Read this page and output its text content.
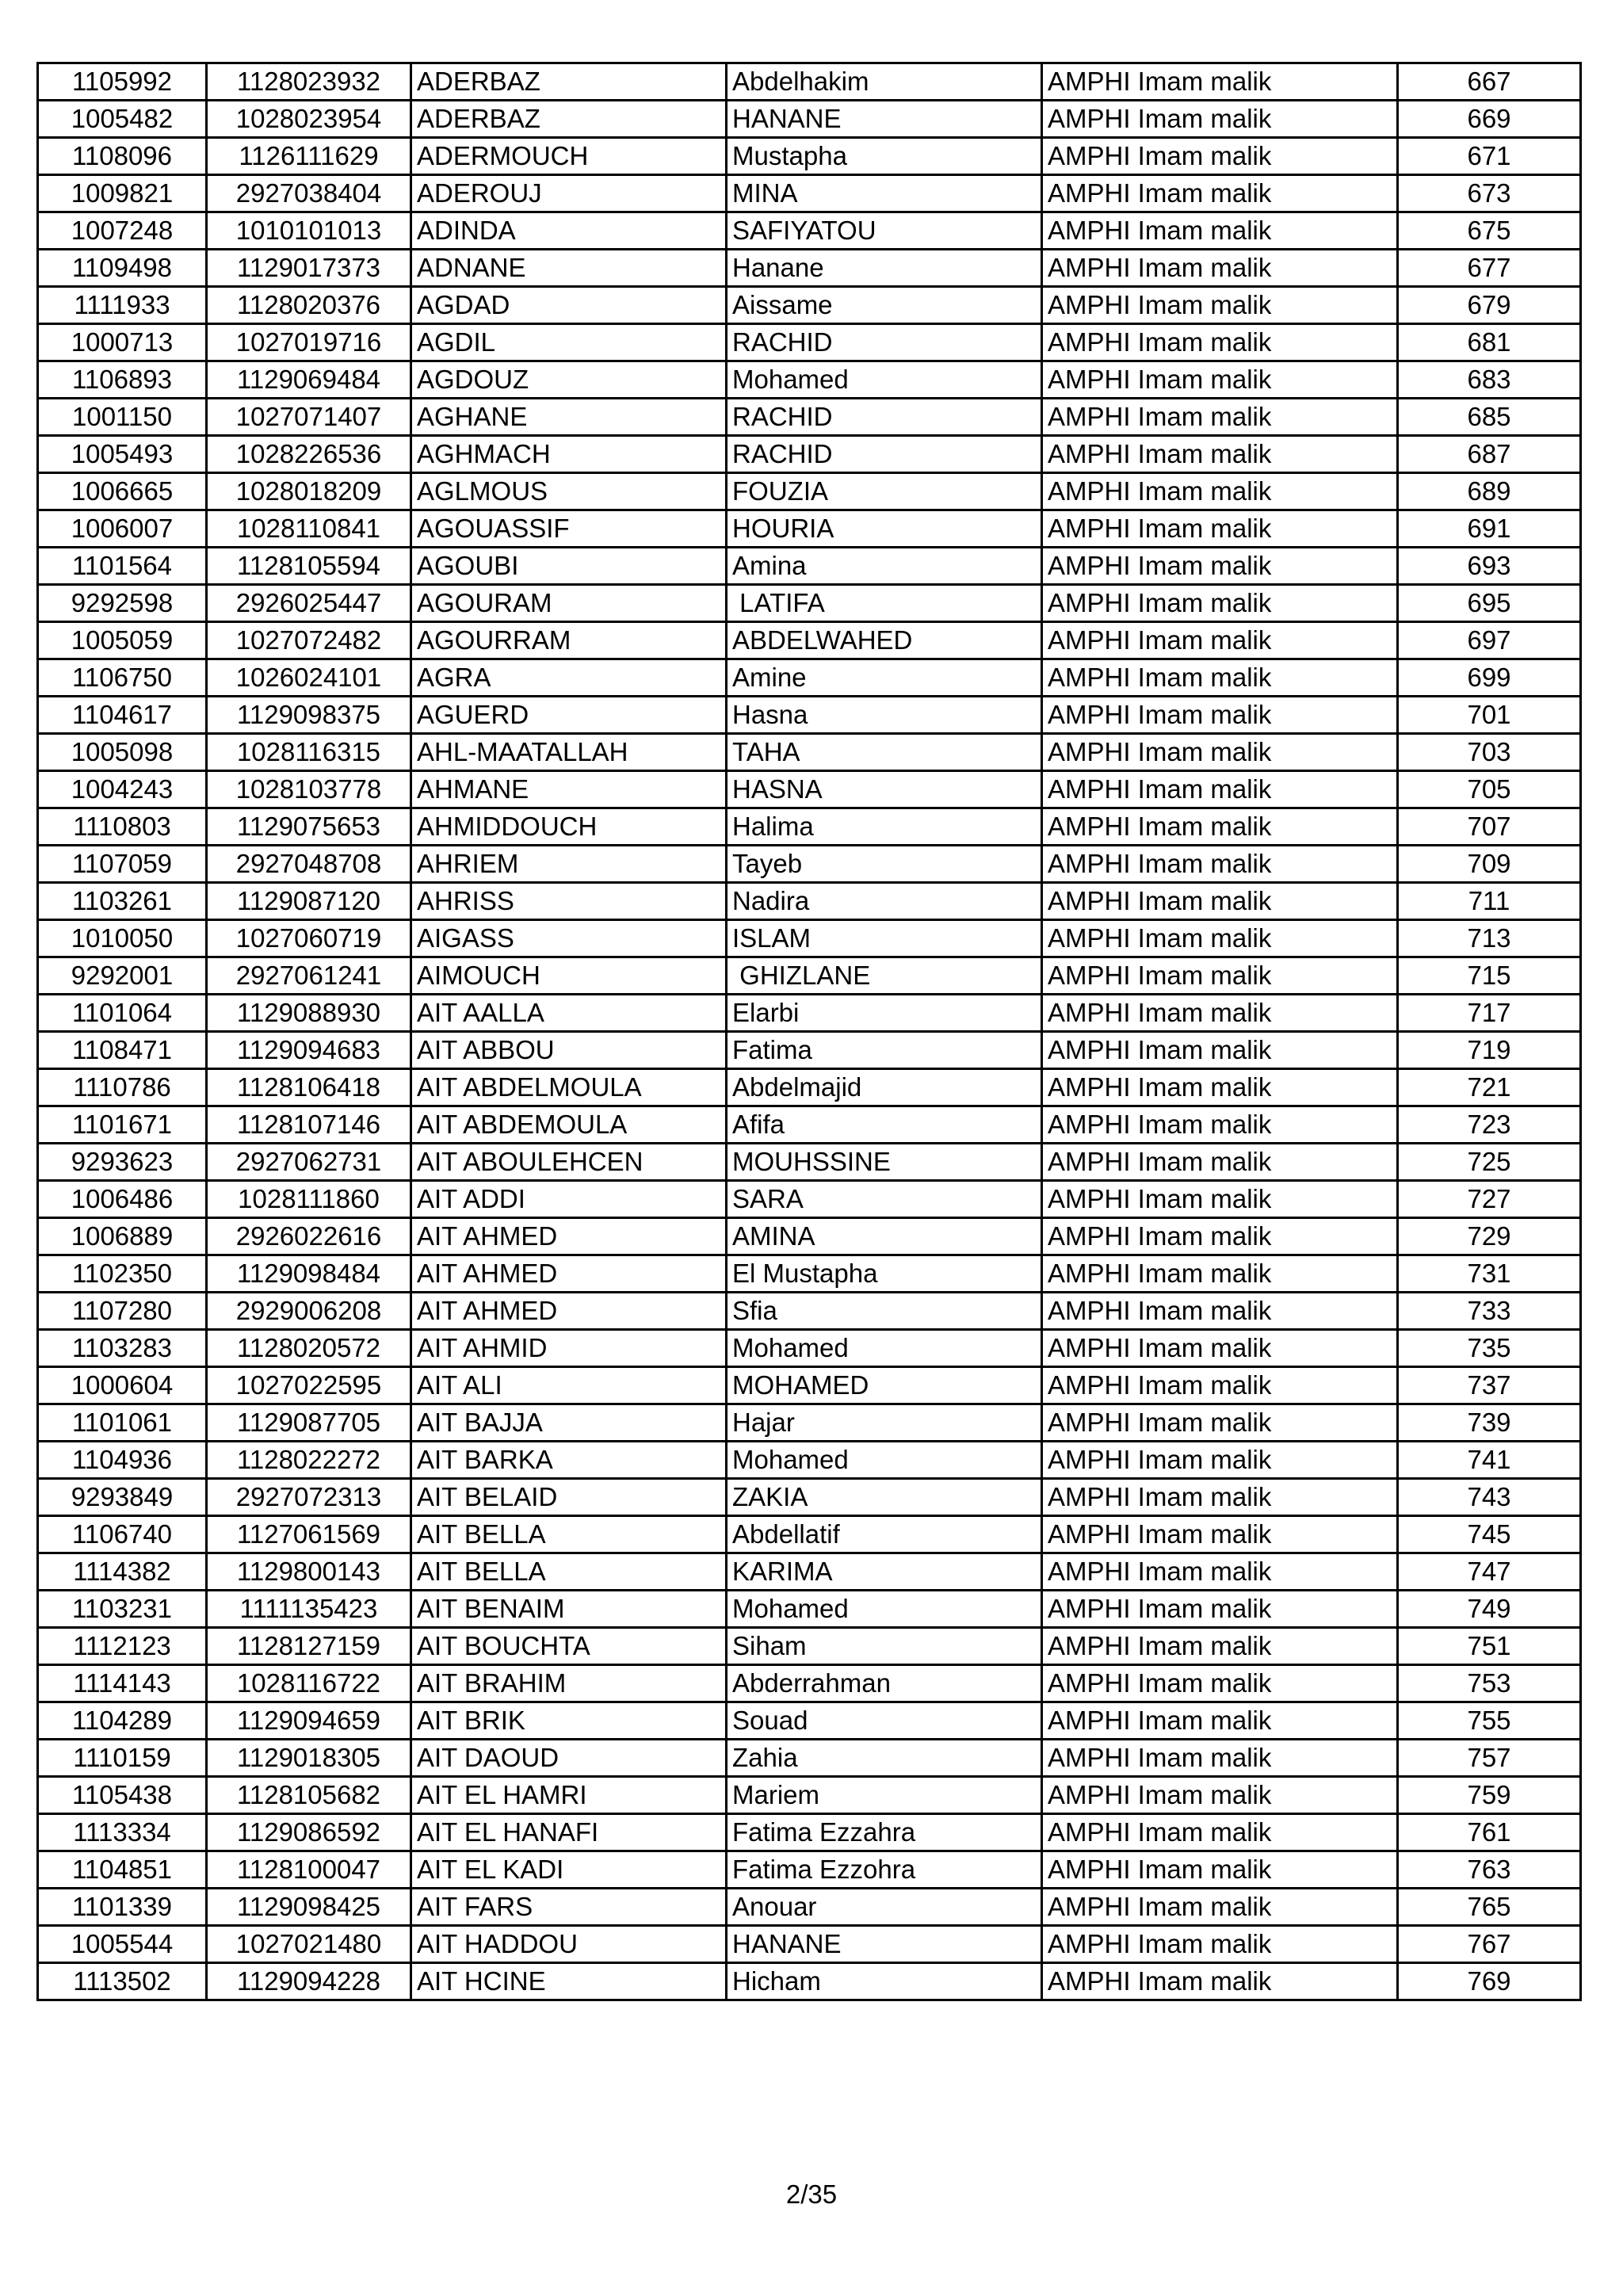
1105992	1128023932	ADERBAZ	Abdelhakim	AMPHI Imam malik	667
1005482	1028023954	ADERBAZ	HANANE	AMPHI Imam malik	669
1108096	1126111629	ADERMOUCH	Mustapha	AMPHI Imam malik	671
1009821	2927038404	ADEROUJ	MINA	AMPHI Imam malik	673
1007248	1010101013	ADINDA	SAFIYATOU	AMPHI Imam malik	675
1109498	1129017373	ADNANE	Hanane	AMPHI Imam malik	677
1111933	1128020376	AGDAD	Aissame	AMPHI Imam malik	679
1000713	1027019716	AGDIL	RACHID	AMPHI Imam malik	681
1106893	1129069484	AGDOUZ	Mohamed	AMPHI Imam malik	683
1001150	1027071407	AGHANE	RACHID	AMPHI Imam malik	685
1005493	1028226536	AGHMACH	RACHID	AMPHI Imam malik	687
1006665	1028018209	AGLMOUS	FOUZIA	AMPHI Imam malik	689
1006007	1028110841	AGOUASSIF	HOURIA	AMPHI Imam malik	691
1101564	1128105594	AGOUBI	Amina	AMPHI Imam malik	693
9292598	2926025447	AGOURAM	LATIFA	AMPHI Imam malik	695
1005059	1027072482	AGOURRAM	ABDELWAHED	AMPHI Imam malik	697
1106750	1026024101	AGRA	Amine	AMPHI Imam malik	699
1104617	1129098375	AGUERD	Hasna	AMPHI Imam malik	701
1005098	1028116315	AHL-MAATALLAH	TAHA	AMPHI Imam malik	703
1004243	1028103778	AHMANE	HASNA	AMPHI Imam malik	705
1110803	1129075653	AHMIDDOUCH	Halima	AMPHI Imam malik	707
1107059	2927048708	AHRIEM	Tayeb	AMPHI Imam malik	709
1103261	1129087120	AHRISS	Nadira	AMPHI Imam malik	711
1010050	1027060719	AIGASS	ISLAM	AMPHI Imam malik	713
9292001	2927061241	AIMOUCH	GHIZLANE	AMPHI Imam malik	715
1101064	1129088930	AIT AALLA	Elarbi	AMPHI Imam malik	717
1108471	1129094683	AIT ABBOU	Fatima	AMPHI Imam malik	719
1110786	1128106418	AIT ABDELMOULA	Abdelmajid	AMPHI Imam malik	721
1101671	1128107146	AIT ABDEMOULA	Afifa	AMPHI Imam malik	723
9293623	2927062731	AIT ABOULEHCEN	MOUHSSINE	AMPHI Imam malik	725
1006486	1028111860	AIT ADDI	SARA	AMPHI Imam malik	727
1006889	2926022616	AIT AHMED	AMINA	AMPHI Imam malik	729
1102350	1129098484	AIT AHMED	El Mustapha	AMPHI Imam malik	731
1107280	2929006208	AIT AHMED	Sfia	AMPHI Imam malik	733
1103283	1128020572	AIT AHMID	Mohamed	AMPHI Imam malik	735
1000604	1027022595	AIT ALI	MOHAMED	AMPHI Imam malik	737
1101061	1129087705	AIT BAJJA	Hajar	AMPHI Imam malik	739
1104936	1128022272	AIT BARKA	Mohamed	AMPHI Imam malik	741
9293849	2927072313	AIT BELAID	ZAKIA	AMPHI Imam malik	743
1106740	1127061569	AIT BELLA	Abdellatif	AMPHI Imam malik	745
1114382	1129800143	AIT BELLA	KARIMA	AMPHI Imam malik	747
1103231	1111135423	AIT BENAIM	Mohamed	AMPHI Imam malik	749
1112123	1128127159	AIT BOUCHTA	Siham	AMPHI Imam malik	751
1114143	1028116722	AIT BRAHIM	Abderrahman	AMPHI Imam malik	753
1104289	1129094659	AIT BRIK	Souad	AMPHI Imam malik	755
1110159	1129018305	AIT DAOUD	Zahia	AMPHI Imam malik	757
1105438	1128105682	AIT EL HAMRI	Mariem	AMPHI Imam malik	759
1113334	1129086592	AIT EL HANAFI	Fatima Ezzahra	AMPHI Imam malik	761
1104851	1128100047	AIT EL KADI	Fatima Ezzohra	AMPHI Imam malik	763
1101339	1129098425	AIT FARS	Anouar	AMPHI Imam malik	765
1005544	1027021480	AIT HADDOU	HANANE	AMPHI Imam malik	767
1113502	1129094228	AIT HCINE	Hicham	AMPHI Imam malik	769
2/35
